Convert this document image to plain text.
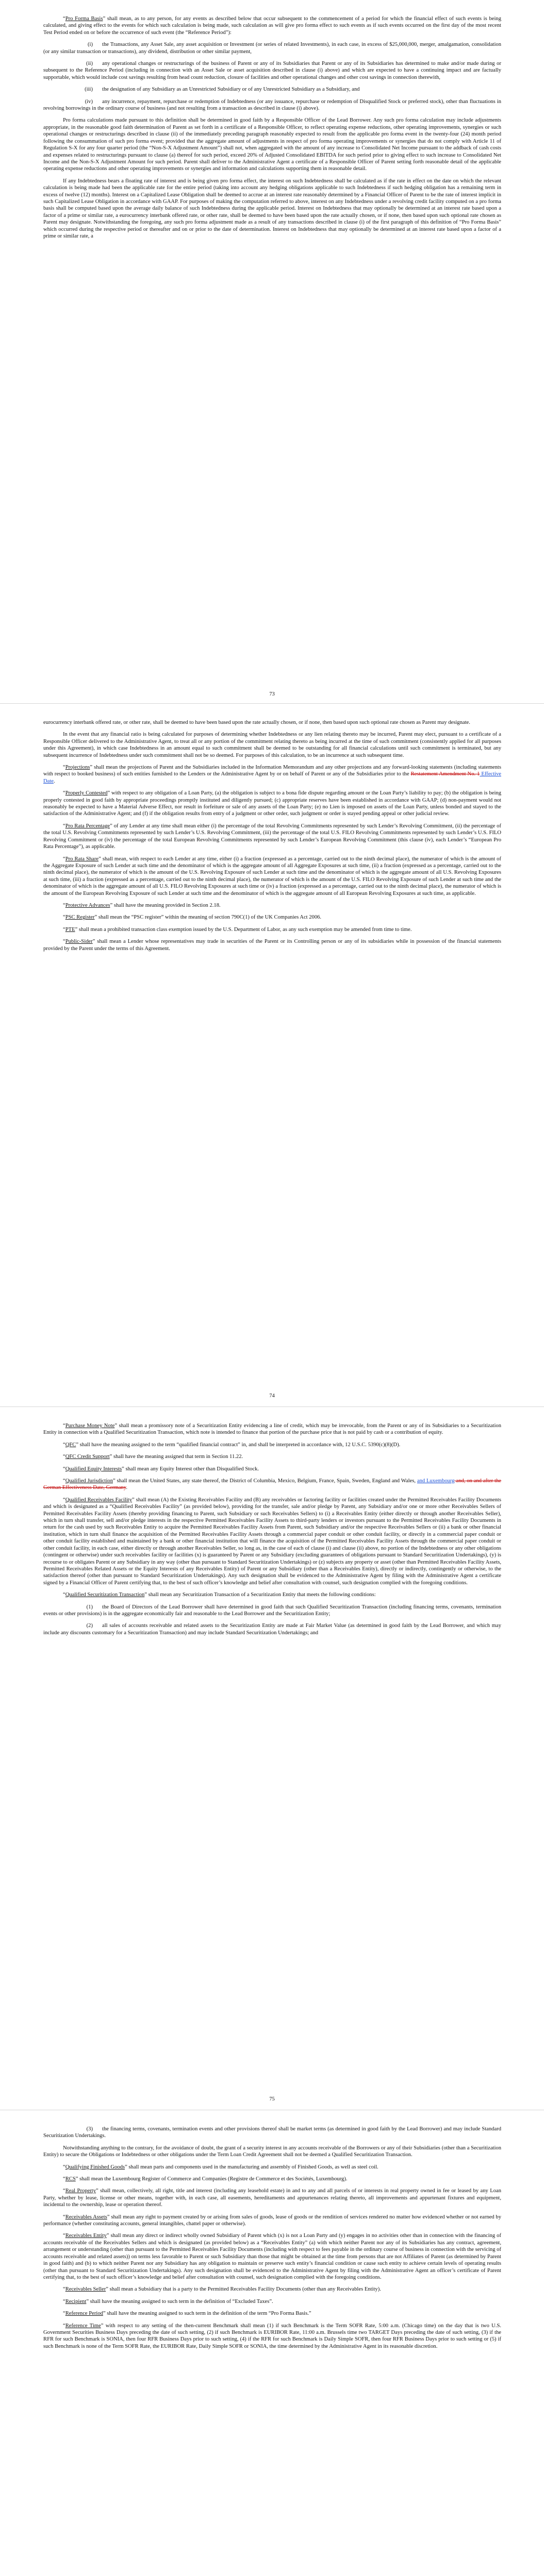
“Pro Forma Basis” shall mean, as to any person, for any events as described below that occur subsequent to the commencement of a period for which the financial effect of such events is being calculated, and giving effect to the events for which such calculation is being made, such calculation as will give pro forma effect to such events as if such events occurred on the first day of the most recent Test Period ended on or before the occurrence of such event (the “Reference Period”):

(i) the Transactions, any Asset Sale, any asset acquisition or Investment (or series of related Investments), in each case, in excess of $25,000,000, merger, amalgamation, consolidation (or any similar transaction or transactions), any dividend, distribution or other similar payment,

(ii) any operational changes or restructurings of the business of Parent or any of its Subsidiaries that Parent or any of its Subsidiaries has determined to make and/or made during or subsequent to the Reference Period (including in connection with an Asset Sale or asset acquisition described in clause (i) above) and which are expected to have a continuing impact and are factually supportable, which would include cost savings resulting from head count reduction, closure of facilities and other operational changes and other cost savings in connection therewith,

(iii) the designation of any Subsidiary as an Unrestricted Subsidiary or of any Unrestricted Subsidiary as a Subsidiary, and

(iv) any incurrence, repayment, repurchase or redemption of Indebtedness (or any issuance, repurchase or redemption of Disqualified Stock or preferred stock), other than fluctuations in revolving borrowings in the ordinary course of business (and not resulting from a transaction as described in clause (i) above).

Pro forma calculations made pursuant to this definition shall be determined in good faith by a Responsible Officer of the Lead Borrower. Any such pro forma calculation may include adjustments appropriate, in the reasonable good faith determination of Parent as set forth in a certificate of a Responsible Officer, to reflect operating expense reductions, other operating improvements, synergies or such operational changes or restructurings described in clause (ii) of the immediately preceding paragraph reasonably expected to result from the applicable pro forma event in the twenty-four (24) month period following the consummation of such pro forma event; provided that the aggregate amount of adjustments in respect of pro forma operating improvements or synergies that do not comply with Article 11 of Regulation S-X for any four quarter period (the “Non-S-X Adjustment Amount”) shall not, when aggregated with the amount of any increase to Consolidated Net Income pursuant to the addback of cash costs and expenses related to restructurings pursuant to clause (a) thereof for such period, exceed 20% of Adjusted Consolidated EBITDA for such period prior to giving effect to such increase to Consolidated Net Income and the Non-S-X Adjustment Amount for such period. Parent shall deliver to the Administrative Agent a certificate of a Responsible Officer of Parent setting forth reasonable detail of the applicable operating expense reductions and other operating improvements or synergies and information and calculations supporting them in reasonable detail.

If any Indebtedness bears a floating rate of interest and is being given pro forma effect, the interest on such Indebtedness shall be calculated as if the rate in effect on the date on which the relevant calculation is being made had been the applicable rate for the entire period (taking into account any hedging obligations applicable to such Indebtedness if such hedging obligation has a remaining term in excess of twelve (12) months). Interest on a Capitalized Lease Obligation shall be deemed to accrue at an interest rate reasonably determined by a Financial Officer of Parent to be the rate of interest implicit in such Capitalized Lease Obligation in accordance with GAAP. For purposes of making the computation referred to above, interest on any Indebtedness under a revolving credit facility computed on a pro forma basis shall be computed based upon the average daily balance of such Indebtedness during the applicable period. Interest on Indebtedness that may optionally be determined at an interest rate based upon a factor of a prime or similar rate, a eurocurrency interbank offered rate, or other rate, shall be deemed to have been based upon the rate actually chosen, or if none, then based upon such optional rate chosen as Parent may designate. Notwithstanding the foregoing, any such pro forma adjustment made as a result of any transactions described in clause (i) of the first paragraph of this definition of “Pro Forma Basis” which occurred during the respective period or thereafter and on or prior to the date of determination. Interest on Indebtedness that may optionally be determined at an interest rate based upon a factor of a prime or similar rate, a

73

eurocurrency interbank offered rate, or other rate, shall be deemed to have been based upon the rate actually chosen, or if none, then based upon such optional rate chosen as Parent may designate.

In the event that any financial ratio is being calculated for purposes of determining whether Indebtedness or any lien relating thereto may be incurred, Parent may elect, pursuant to a certificate of a Responsible Officer delivered to the Administrative Agent, to treat all or any portion of the commitment relating thereto as being incurred at the time of such commitment (consistently applied for all purposes under this Agreement), in which case Indebtedness in an amount equal to such commitment shall be deemed to be outstanding for all financial calculations until such commitment is terminated, but any subsequent incurrence of Indebtedness under such commitment shall not be so deemed. For purposes of this calculation, to be an incurrence at such subsequent time.

“Projections” shall mean the projections of Parent and the Subsidiaries included in the Information Memorandum and any other projections and any forward-looking statements (including statements with respect to booked business) of such entities furnished to the Lenders or the Administrative Agent by or on behalf of Parent or any of the Subsidiaries prior to the Restatement Amendment No. 1 Effective Date.

“Properly Contested” with respect to any obligation of a Loan Party, (a) the obligation is subject to a bona fide dispute regarding amount or the Loan Party’s liability to pay; (b) the obligation is being properly contested in good faith by appropriate proceedings promptly instituted and diligently pursued; (c) appropriate reserves have been established in accordance with GAAP; (d) non-payment would not reasonably be expected to have a Material Adverse Effect, nor result in forfeiture or sale of any assets of the Loan Party; (e) no Lien is imposed on assets of the Loan Party, unless bonded and stayed to the satisfaction of the Administrative Agent; and (f) if the obligation results from entry of a judgment or other order, such judgment or order is stayed pending appeal or other judicial review.

“Pro Rata Percentage” of any Lender at any time shall mean either (i) the percentage of the total Revolving Commitments represented by such Lender’s Revolving Commitment, (ii) the percentage of the total U.S. Revolving Commitments represented by such Lender’s U.S. Revolving Commitment, (iii) the percentage of the total U.S. FILO Revolving Commitments represented by such Lender’s U.S. FILO Revolving Commitment or (iv) the percentage of the total European Revolving Commitments represented by such Lender’s European Revolving Commitment (this clause (iv), each Lender’s “European Pro Rata Percentage”), as applicable.

“Pro Rata Share” shall mean, with respect to each Lender at any time, either (i) a fraction (expressed as a percentage, carried out to the ninth decimal place), the numerator of which is the amount of the Aggregate Exposure of such Lender at such time and the denominator of which is the aggregate amount of all Aggregate Exposures at such time, (ii) a fraction (expressed as a percentage, carried out to the ninth decimal place), the numerator of which is the amount of the U.S. Revolving Exposure of such Lender at such time and the denominator of which is the aggregate amount of all U.S. Revolving Exposures at such time, (iii) a fraction (expressed as a percentage, carried out to the ninth decimal place), the numerator of which is the amount of the U.S. FILO Revolving Exposure of such Lender at such time and the denominator of which is the aggregate amount of all U.S. FILO Revolving Exposures at such time or (iv) a fraction (expressed as a percentage, carried out to the ninth decimal place), the numerator of which is the amount of the European Revolving Exposure of such Lender at such time and the denominator of which is the aggregate amount of all European Revolving Exposures at such time, as applicable.

“Protective Advances” shall have the meaning provided in Section 2.18.

“PSC Register” shall mean the “PSC register” within the meaning of section 790C(1) of the UK Companies Act 2006.

“PTE” shall mean a prohibited transaction class exemption issued by the U.S. Department of Labor, as any such exemption may be amended from time to time.

“Public-Sider” shall mean a Lender whose representatives may trade in securities of the Parent or its Controlling person or any of its subsidiaries while in possession of the financial statements provided by the Parent under the terms of this Agreement.

74

“Purchase Money Note” shall mean a promissory note of a Securitization Entity evidencing a line of credit, which may be irrevocable, from the Parent or any of its Subsidiaries to a Securitization Entity in connection with a Qualified Securitization Transaction, which note is intended to finance that portion of the purchase price that is not paid by cash or a contribution of equity.

“QFC” shall have the meaning assigned to the term “qualified financial contract” in, and shall be interpreted in accordance with, 12 U.S.C. 5390(c)(8)(D).

“QFC Credit Support” shall have the meaning assigned that term in Section 11.22.

“Qualified Equity Interests” shall mean any Equity Interest other than Disqualified Stock.

“Qualified Jurisdiction” shall mean the United States, any state thereof, the District of Columbia, Mexico, Belgium, France, Spain, Sweden, England and Wales, and Luxembourg and, on and after the German Effectiveness Date, Germany.

“Qualified Receivables Facility” shall mean (A) the Existing Receivables Facility and (B) any receivables or factoring facility or facilities created under the Permitted Receivables Facility Documents and which is designated as a “Qualified Receivables Facility” (as provided below), providing for the transfer, sale and/or pledge by Parent, any Subsidiary and/or one or more other Receivables Sellers of Permitted Receivables Facility Assets (thereby providing financing to Parent, such Subsidiary or such Receivables Sellers) to (i) a Receivables Entity (either directly or through another Receivables Seller), which in turn shall transfer, sell and/or pledge interests in the respective Permitted Receivables Facility Assets to third-party lenders or investors pursuant to the Permitted Receivables Facility Documents in return for the cash used by such Receivables Entity to acquire the Permitted Receivables Facility Assets from Parent, such Subsidiary and/or the respective Receivables Sellers or (ii) a bank or other financial institution, which in turn shall finance the acquisition of the Permitted Receivables Facility Assets through a commercial paper conduit or other conduit facility, or directly in a commercial paper conduit or other conduit facility established and maintained by a bank or other financial institution that will finance the acquisition of the Permitted Receivables Facility Assets through the commercial paper conduit or other conduit facility, in each case, either directly or through another Receivables Seller, so long as, in the case of each of clause (i) and clause (ii) above, no portion of the Indebtedness or any other obligations (contingent or otherwise) under such receivables facility or facilities (x) is guaranteed by Parent or any Subsidiary (excluding guarantees of obligations pursuant to Standard Securitization Undertakings), (y) is recourse to or obligates Parent or any Subsidiary in any way (other than pursuant to Standard Securitization Undertakings) or (z) subjects any property or asset (other than Permitted Receivables Facility Assets, Permitted Receivables Related Assets or the Equity Interests of any Receivables Entity) of Parent or any Subsidiary (other than a Receivables Entity), directly or indirectly, contingently or otherwise, to the satisfaction thereof (other than pursuant to Standard Securitization Undertakings). Any such designation shall be evidenced to the Administrative Agent by filing with the Administrative Agent a certificate signed by a Financial Officer of Parent certifying that, to the best of such officer’s knowledge and belief after consultation with counsel, such designation complied with the foregoing conditions.

“Qualified Securitization Transaction” shall mean any Securitization Transaction of a Securitization Entity that meets the following conditions:

(1) the Board of Directors of the Lead Borrower shall have determined in good faith that such Qualified Securitization Transaction (including financing terms, covenants, termination events or other provisions) is in the aggregate economically fair and reasonable to the Lead Borrower and the Securitization Entity;

(2) all sales of accounts receivable and related assets to the Securitization Entity are made at Fair Market Value (as determined in good faith by the Lead Borrower, and which may include any discounts customary for a Securitization Transaction) and may include Standard Securitization Undertakings; and

75

(3) the financing terms, covenants, termination events and other provisions thereof shall be market terms (as determined in good faith by the Lead Borrower) and may include Standard Securitization Undertakings.

Notwithstanding anything to the contrary, for the avoidance of doubt, the grant of a security interest in any accounts receivable of the Borrowers or any of their Subsidiaries (other than a Securitization Entity) to secure the Obligations or Indebtedness or other obligations under the Term Loan Credit Agreement shall not be deemed a Qualified Securitization Transaction.

“Qualifying Finished Goods” shall mean parts and components used in the manufacturing and assembly of Finished Goods, as well as steel coil.

“RCS” shall mean the Luxembourg Register of Commerce and Companies (Registre de Commerce et des Sociétés, Luxembourg).

“Real Property” shall mean, collectively, all right, title and interest (including any leasehold estate) in and to any and all parcels of or interests in real property owned in fee or leased by any Loan Party, whether by lease, license or other means, together with, in each case, all easements, hereditaments and appurtenances relating thereto, all improvements and appurtenant fixtures and equipment, incidental to the ownership, lease or operation thereof.

“Receivables Assets” shall mean any right to payment created by or arising from sales of goods, lease of goods or the rendition of services rendered no matter how evidenced whether or not earned by performance (whether constituting accounts, general intangibles, chattel paper or otherwise).

“Receivables Entity” shall mean any direct or indirect wholly owned Subsidiary of Parent which (x) is not a Loan Party and (y) engages in no activities other than in connection with the financing of accounts receivable of the Receivables Sellers and which is designated (as provided below) as a “Receivables Entity” (a) with which neither Parent nor any of its Subsidiaries has any contract, agreement, arrangement or understanding (other than pursuant to the Permitted Receivables Facility Documents (including with respect to fees payable in the ordinary course of business in connection with the servicing of accounts receivable and related assets)) on terms less favorable to Parent or such Subsidiary than those that might be obtained at the time from persons that are not Affiliates of Parent (as determined by Parent in good faith) and (b) to which neither Parent nor any Subsidiary has any obligation to maintain or preserve such entity’s financial condition or cause such entity to achieve certain levels of operating results (other than pursuant to Standard Securitization Undertakings). Any such designation shall be evidenced to the Administrative Agent by filing with the Administrative Agent an officer’s certificate of Parent certifying that, to the best of such officer’s knowledge and belief after consultation with counsel, such designation complied with the foregoing conditions.

“Receivables Seller” shall mean a Subsidiary that is a party to the Permitted Receivables Facility Documents (other than any Receivables Entity).

“Recipient” shall have the meaning assigned to such term in the definition of “Excluded Taxes”.

“Reference Period” shall have the meaning assigned to such term in the definition of the term “Pro Forma Basis.”

“Reference Time” with respect to any setting of the then-current Benchmark shall mean (1) if such Benchmark is the Term SOFR Rate, 5:00 a.m. (Chicago time) on the day that is two U.S. Government Securities Business Days preceding the date of such setting, (2) if such Benchmark is EURIBOR Rate, 11:00 a.m. Brussels time two TARGET Days preceding the date of such setting, (3) if the RFR for such Benchmark is SONIA, then four RFR Business Days prior to such setting, (4) if the RFR for such Benchmark is Daily Simple SOFR, then four RFR Business Days prior to such setting or (5) if such Benchmark is none of the Term SOFR Rate, the EURIBOR Rate, Daily Simple SOFR or SONIA, the time determined by the Administrative Agent in its reasonable discretion.
